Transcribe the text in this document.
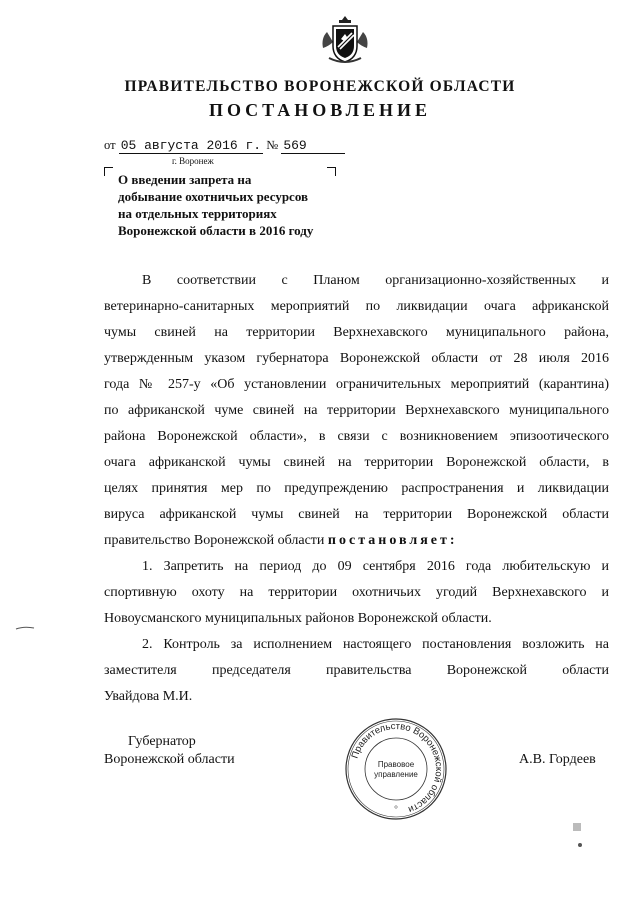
ПРАВИТЕЛЬСТВО ВОРОНЕЖСКОЙ ОБЛАСТИ
ПОСТАНОВЛЕНИЕ
от 05 августа 2016 г. № 569
г. Воронеж
О введении запрета на
добывание охотничьих ресурсов
на отдельных территориях
Воронежской области в 2016 году
В соответствии с Планом организационно-хозяйственных и
ветеринарно-санитарных мероприятий по ликвидации очага африканской
чумы свиней на территории Верхнехавского муниципального района,
утвержденным указом губернатора Воронежской области от 28 июля 2016
года № 257-у «Об установлении ограничительных мероприятий (карантина)
по африканской чуме свиней на территории Верхнехавского муниципального
района Воронежской области», в связи с возникновением эпизоотического
очага африканской чумы свиней на территории Воронежской области, в
целях принятия мер по предупреждению распространения и ликвидации
вируса африканской чумы свиней на территории Воронежской области
правительство Воронежской области постановляет:
1. Запретить на период до 09 сентября 2016 года любительскую и
спортивную охоту на территории охотничьих угодий Верхнехавского и
Новоусманского муниципальных районов Воронежской области.
2. Контроль за исполнением настоящего постановления возложить на
заместителя председателя правительства Воронежской области
Увайдова М.И.
Губернатор
Воронежской области	А.В. Гордеев
Правительство Воронежской области
Правовое
управление
